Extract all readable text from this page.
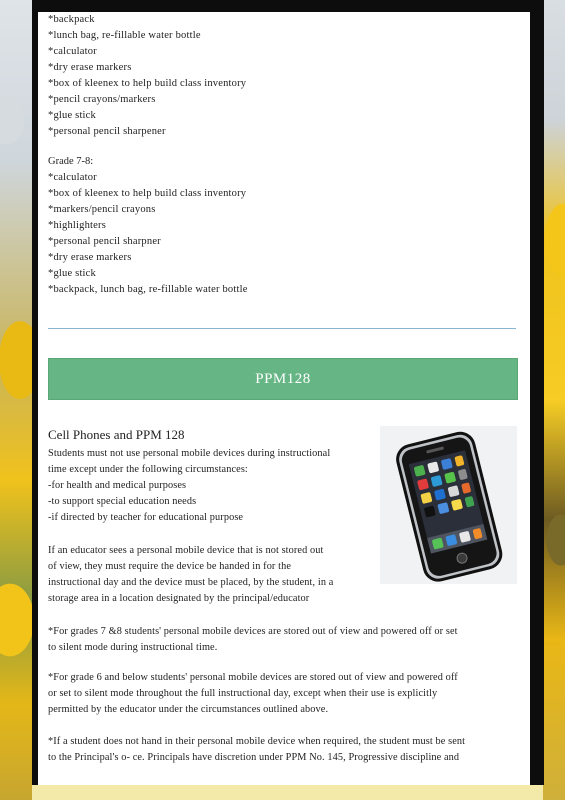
*backpack
*lunch bag, re-fillable water bottle
*calculator
*dry erase markers
*box of kleenex to help build class inventory
*pencil crayons/markers
*glue stick
*personal pencil sharpener
Grade 7-8:
*calculator
*box of kleenex to help build class inventory
*markers/pencil crayons
*highlighters
*personal pencil sharpner
*dry erase markers
*glue stick
*backpack, lunch bag, re-fillable water bottle
PPM128
Cell Phones and PPM 128
Students must not use personal mobile devices during instructional
time except under the following circumstances:
-for health and medical purposes
-to support special education needs
-if directed by teacher for educational purpose
If an educator sees a personal mobile device that is not stored out
of view, they must require the device be handed in for the
instructional day and the device must be placed, by the student, in a
storage area in a location designated by the principal/educator
*For grades 7 &8 students' personal mobile devices are stored out of view and powered off or set
to silent mode during instructional time.
*For grade 6 and below students' personal mobile devices are stored out of view and powered off
or set to silent mode throughout the full instructional day, except when their use is explicitly
permitted by the educator under the circumstances outlined above.
*If a student does not hand in their personal mobile device when required, the student must be sent
to the Principal's o- ce. Principals have discretion under PPM No. 145, Progressive discipline and
